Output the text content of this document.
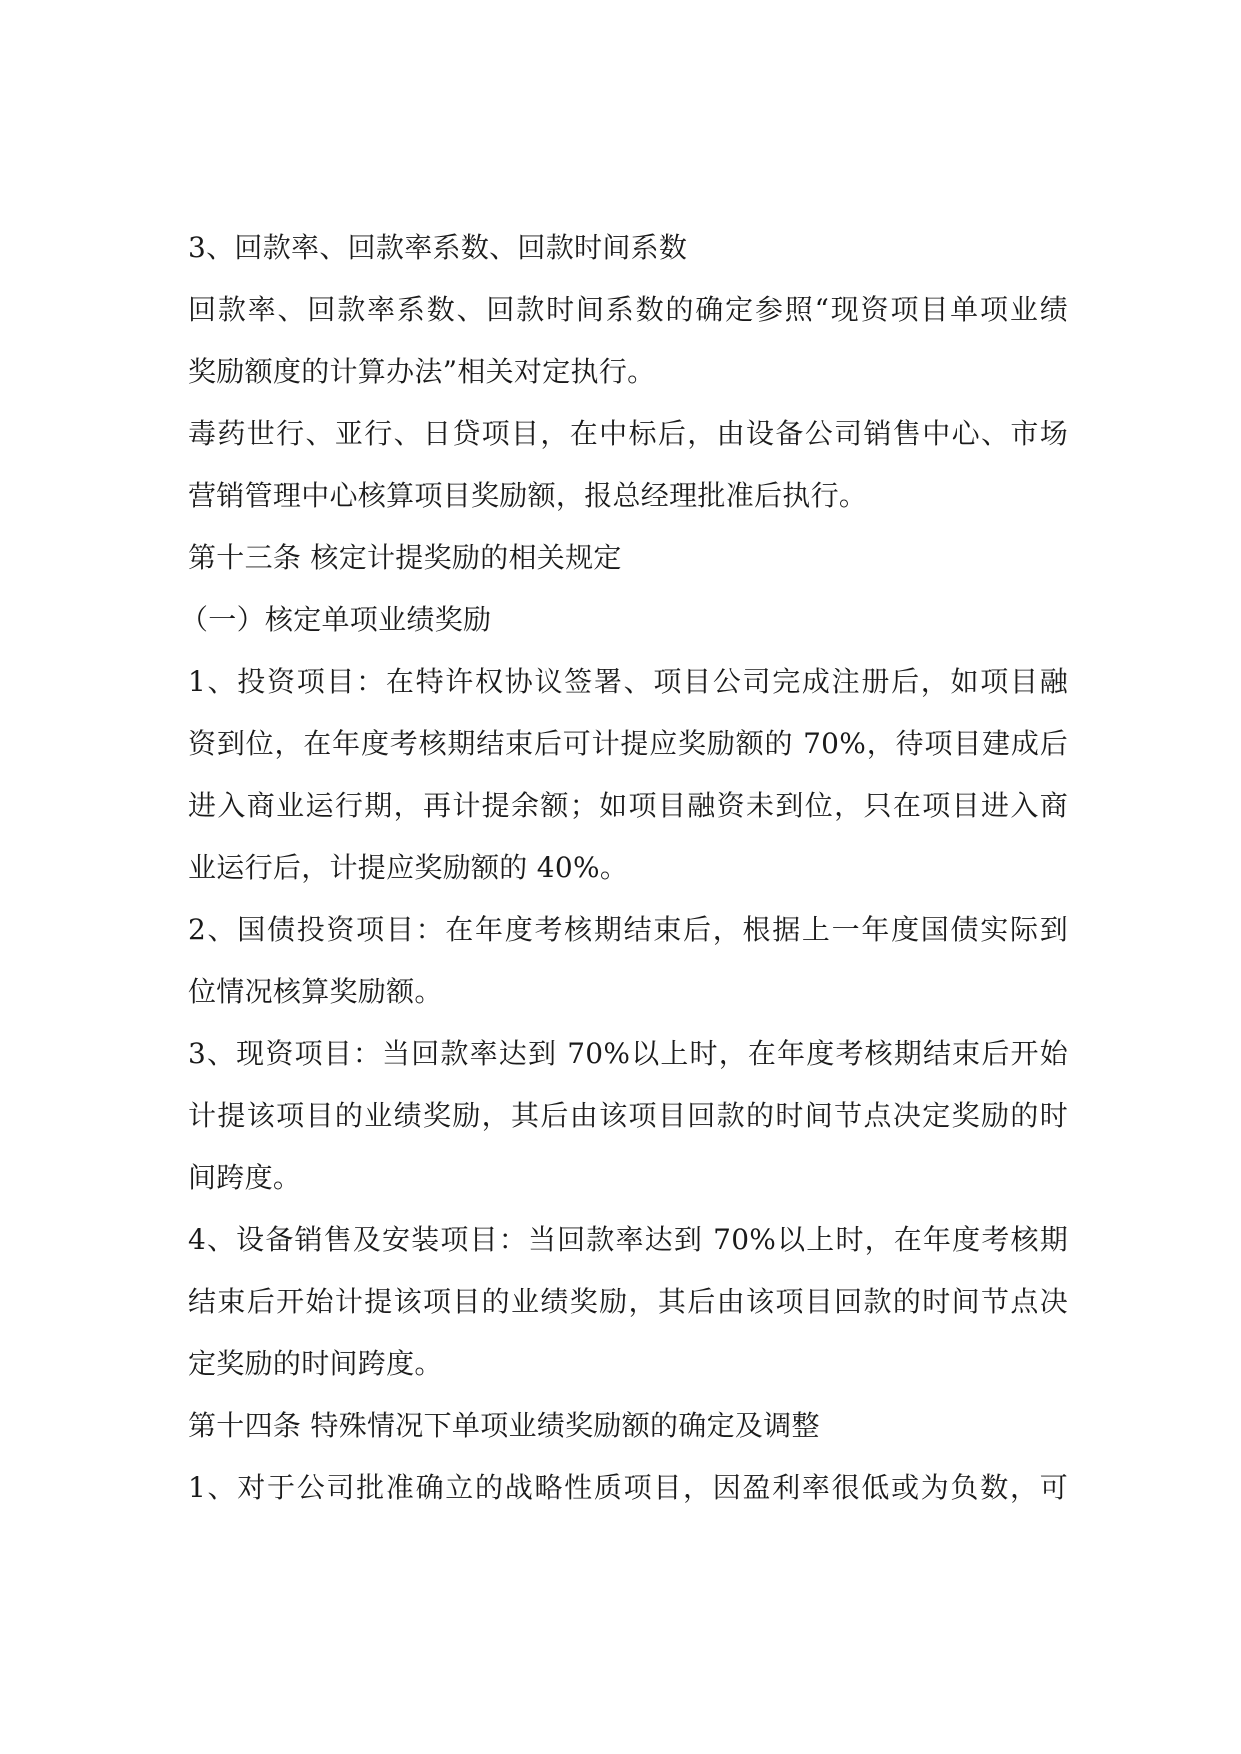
3、回款率、回款率系数、回款时间系数
回款率、回款率系数、回款时间系数的确定参照“现资项目单项业绩
奖励额度的计算办法”相关对定执行。
毒药世行、亚行、日贷项目，在中标后，由设备公司销售中心、市场
营销管理中心核算项目奖励额，报总经理批准后执行。
第十三条 核定计提奖励的相关规定
（一）核定单项业绩奖励
1、投资项目：在特许权协议签署、项目公司完成注册后，如项目融
资到位，在年度考核期结束后可计提应奖励额的 70%，待项目建成后
进入商业运行期，再计提余额；如项目融资未到位，只在项目进入商
业运行后，计提应奖励额的 40%。
2、国债投资项目：在年度考核期结束后，根据上一年度国债实际到
位情况核算奖励额。
3、现资项目：当回款率达到 70%以上时，在年度考核期结束后开始
计提该项目的业绩奖励，其后由该项目回款的时间节点决定奖励的时
间跨度。
4、设备销售及安装项目：当回款率达到 70%以上时，在年度考核期
结束后开始计提该项目的业绩奖励，其后由该项目回款的时间节点决
定奖励的时间跨度。
第十四条 特殊情况下单项业绩奖励额的确定及调整
1、对于公司批准确立的战略性质项目，因盈利率很低或为负数，可
